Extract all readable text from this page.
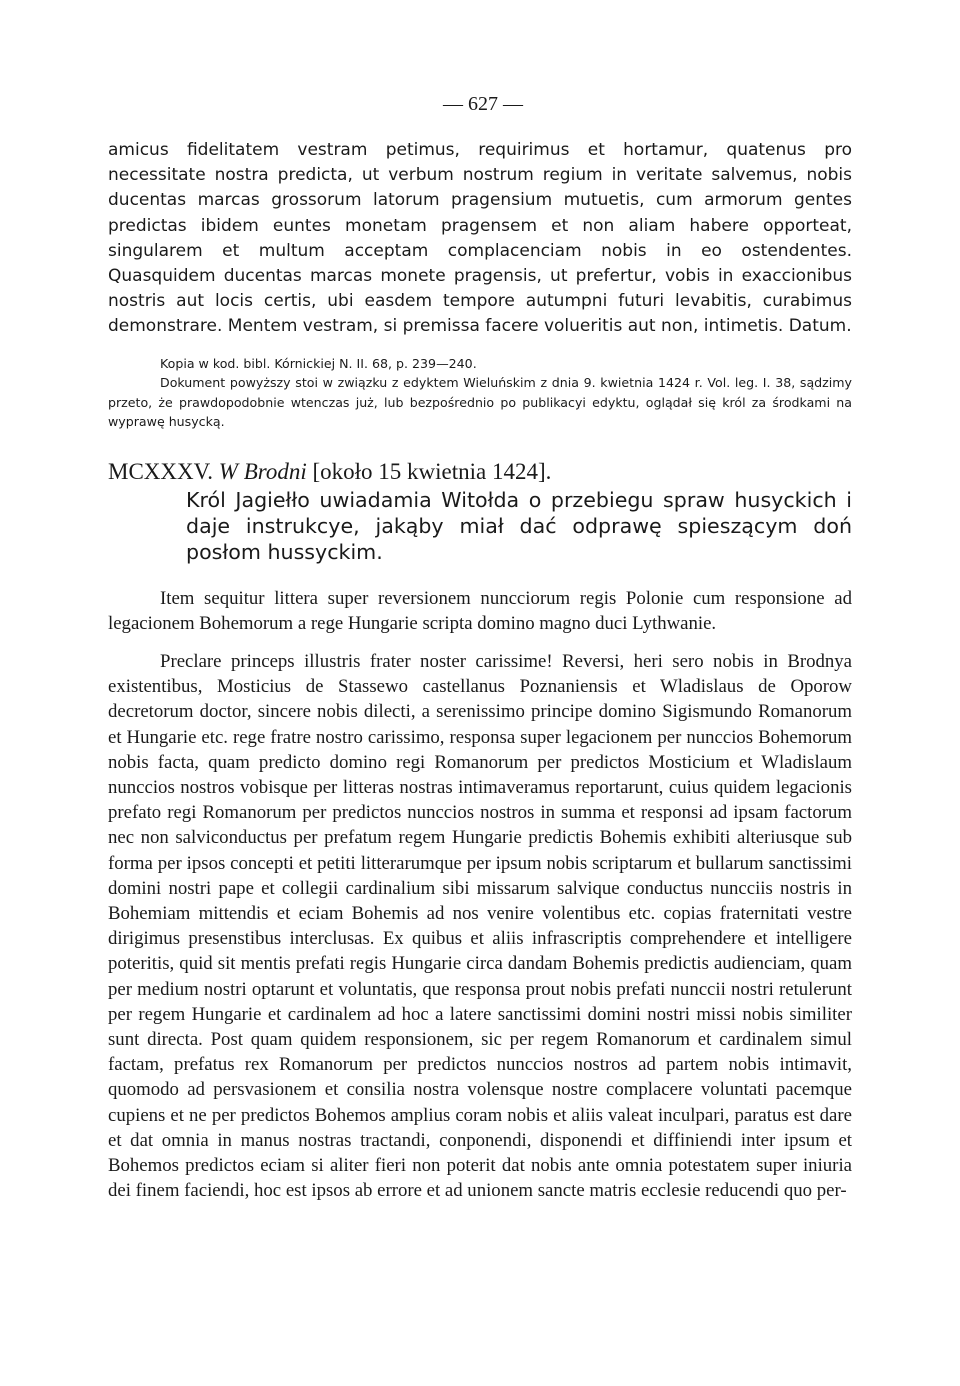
— 627 —

amicus fidelitatem vestram petimus, requirimus et hortamur, quatenus pro necessitate nostra predicta, ut verbum nostrum regium in veritate salvemus, nobis ducentas marcas grossorum latorum pragensium mutuetis, cum armorum gentes predictas ibidem euntes monetam pragensem et non aliam habere opporteat, singularem et multum acceptam complacenciam nobis in eo ostendentes. Quasquidem ducentas marcas monete pragensis, ut prefertur, vobis in exaccionibus nostris aut locis certis, ubi easdem tempore autumpni futuri levabitis, curabimus demonstrare. Mentem vestram, si premissa facere volueritis aut non, intimetis. Datum.

Kopia w kod. bibl. Kórnickiej N. II. 68, p. 239—240.

Dokument powyższy stoi w związku z edyktem Wieluńskim z dnia 9. kwietnia 1424 r. Vol. leg. I. 38, sądzimy przeto, że prawdopodobnie wtenczas już, lub bezpośrednio po publikacyi edyktu, oglądał się król za środkami na wyprawę husycką.

MCXXXV. W Brodni [około 15 kwietnia 1424].
Król Jagiełło uwiadamia Witołda o przebiegu spraw husyckich i daje instrukcye, jakąby miał dać odprawę spieszącym doń posłom hussyckim.

Item sequitur littera super reversionem nuncciorum regis Polonie cum responsione ad legacionem Bohemorum a rege Hungarie scripta domino magno duci Lythwanie.

Preclare princeps illustris frater noster carissime! Reversi, heri sero nobis in Brodnya existentibus, Mosticius de Stassewo castellanus Poznaniensis et Wladislaus de Oporow decretorum doctor, sincere nobis dilecti, a serenissimo principe domino Sigismundo Romanorum et Hungarie etc. rege fratre nostro carissimo, responsa super legacionem per nunccios Bohemorum nobis facta, quam predicto domino regi Romanorum per predictos Mosticium et Wladislaum nunccios nostros vobisque per litteras nostras intimaveramus reportarunt, cuius quidem legacionis prefato regi Romanorum per predictos nunccios nostros in summa et responsi ad ipsam factorum nec non salviconductus per prefatum regem Hungarie predictis Bohemis exhibiti alteriusque sub forma per ipsos concepti et petiti litterarumque per ipsum nobis scriptarum et bullarum sanctissimi domini nostri pape et collegii cardinalium sibi missarum salvique conductus nuncciis nostris in Bohemiam mittendis et eciam Bohemis ad nos venire volentibus etc. copias fraternitati vestre dirigimus presenstibus interclusas. Ex quibus et aliis infrascriptis comprehendere et intelligere poteritis, quid sit mentis prefati regis Hungarie circa dandam Bohemis predictis audienciam, quam per medium nostri optarunt et voluntatis, que responsa prout nobis prefati nunccii nostri retulerunt per regem Hungarie et cardinalem ad hoc a latere sanctissimi domini nostri missi nobis similiter sunt directa. Post quam quidem responsionem, sic per regem Romanorum et cardinalem simul factam, prefatus rex Romanorum per predictos nunccios nostros ad partem nobis intimavit, quomodo ad persvasionem et consilia nostra volensque nostre complacere voluntati pacemque cupiens et ne per predictos Bohemos amplius coram nobis et aliis valeat inculpari, paratus est dare et dat omnia in manus nostras tractandi, conponendi, disponendi et diffiniendi inter ipsum et Bohemos predictos eciam si aliter fieri non poterit dat nobis ante omnia potestatem super iniuria dei finem faciendi, hoc est ipsos ab errore et ad unionem sancte matris ecclesie reducendi quo per-
